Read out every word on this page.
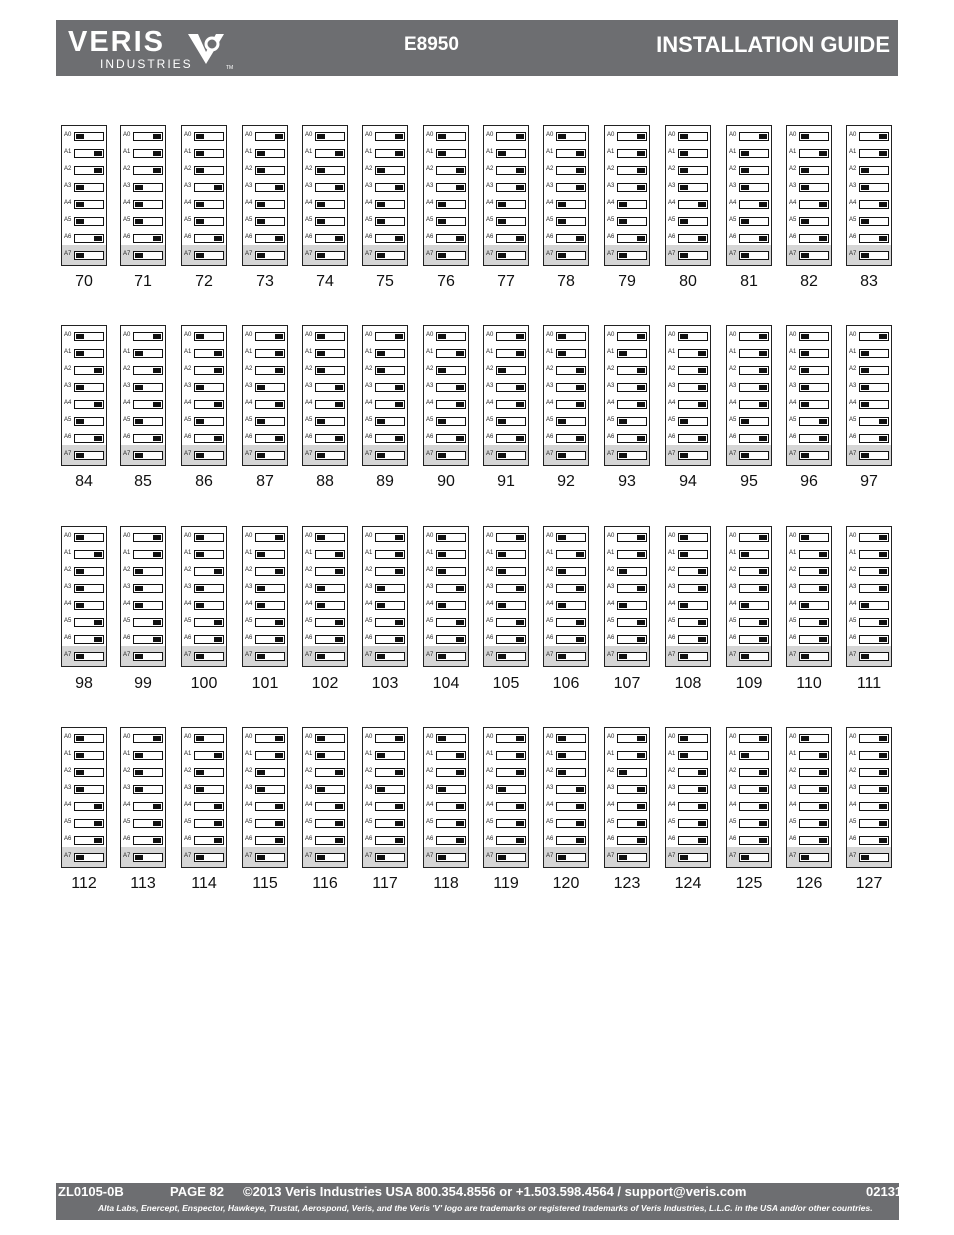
VERIS
INDUSTRIES	TM
E8950	INSTALLATION GUIDE
A0
A1
A2
A3
A4
A5
A6
A7
70
A0
A1
A2
A3
A4
A5
A6
A7
71
A0
A1
A2
A3
A4
A5
A6
A7
72
A0
A1
A2
A3
A4
A5
A6
A7
73
A0
A1
A2
A3
A4
A5
A6
A7
74
A0
A1
A2
A3
A4
A5
A6
A7
75
A0
A1
A2
A3
A4
A5
A6
A7
76
A0
A1
A2
A3
A4
A5
A6
A7
77
A0
A1
A2
A3
A4
A5
A6
A7
78
A0
A1
A2
A3
A4
A5
A6
A7
79
A0
A1
A2
A3
A4
A5
A6
A7
80
A0
A1
A2
A3
A4
A5
A6
A7
81
A0
A1
A2
A3
A4
A5
A6
A7
82
A0
A1
A2
A3
A4
A5
A6
A7
83
A0
A1
A2
A3
A4
A5
A6
A7
84
A0
A1
A2
A3
A4
A5
A6
A7
85
A0
A1
A2
A3
A4
A5
A6
A7
86
A0
A1
A2
A3
A4
A5
A6
A7
87
A0
A1
A2
A3
A4
A5
A6
A7
88
A0
A1
A2
A3
A4
A5
A6
A7
89
A0
A1
A2
A3
A4
A5
A6
A7
90
A0
A1
A2
A3
A4
A5
A6
A7
91
A0
A1
A2
A3
A4
A5
A6
A7
92
A0
A1
A2
A3
A4
A5
A6
A7
93
A0
A1
A2
A3
A4
A5
A6
A7
94
A0
A1
A2
A3
A4
A5
A6
A7
95
A0
A1
A2
A3
A4
A5
A6
A7
96
A0
A1
A2
A3
A4
A5
A6
A7
97
A0
A1
A2
A3
A4
A5
A6
A7
98
A0
A1
A2
A3
A4
A5
A6
A7
99
A0
A1
A2
A3
A4
A5
A6
A7
100
A0
A1
A2
A3
A4
A5
A6
A7
101
A0
A1
A2
A3
A4
A5
A6
A7
102
A0
A1
A2
A3
A4
A5
A6
A7
103
A0
A1
A2
A3
A4
A5
A6
A7
104
A0
A1
A2
A3
A4
A5
A6
A7
105
A0
A1
A2
A3
A4
A5
A6
A7
106
A0
A1
A2
A3
A4
A5
A6
A7
107
A0
A1
A2
A3
A4
A5
A6
A7
108
A0
A1
A2
A3
A4
A5
A6
A7
109
A0
A1
A2
A3
A4
A5
A6
A7
110
A0
A1
A2
A3
A4
A5
A6
A7
111
A0
A1
A2
A3
A4
A5
A6
A7
112
A0
A1
A2
A3
A4
A5
A6
A7
113
A0
A1
A2
A3
A4
A5
A6
A7
114
A0
A1
A2
A3
A4
A5
A6
A7
115
A0
A1
A2
A3
A4
A5
A6
A7
116
A0
A1
A2
A3
A4
A5
A6
A7
117
A0
A1
A2
A3
A4
A5
A6
A7
118
A0
A1
A2
A3
A4
A5
A6
A7
119
A0
A1
A2
A3
A4
A5
A6
A7
120
A0
A1
A2
A3
A4
A5
A6
A7
123
A0
A1
A2
A3
A4
A5
A6
A7
124
A0
A1
A2
A3
A4
A5
A6
A7
125
A0
A1
A2
A3
A4
A5
A6
A7
126
A0
A1
A2
A3
A4
A5
A6
A7
127
ZL0105-0B	PAGE 82 ©2013 Veris Industries USA 800.354.8556 or +1.503.598.4564 / support@veris.com	02131
Alta Labs, Enercept, Enspector, Hawkeye, Trustat, Aerospond, Veris, and the Veris 'V' logo are trademarks or registered trademarks of Veris Industries, L.L.C. in the USA and/or other countries.
